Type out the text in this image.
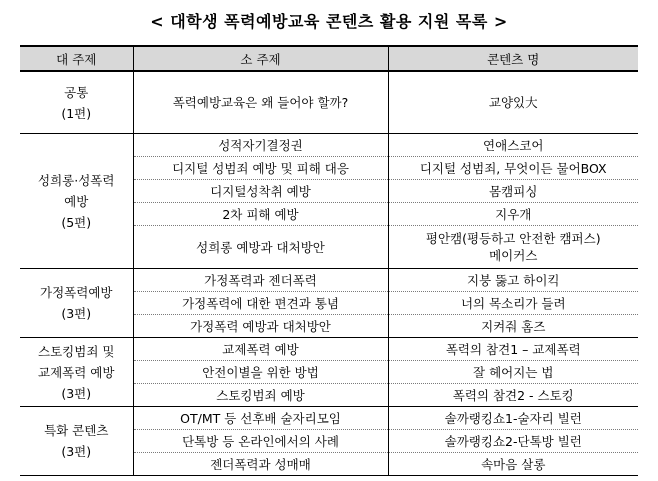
< 대학생 폭력예방교육 콘텐츠 활용 지원 목록 >
대 주제	소 주제	콘텐츠 명

공통
(1편)	폭력예방교육은 왜 들어야 할까?	교양있大

성희롱·성폭력
예방
(5편)	성적자기결정권	연애스코어
	디지털 성범죄 예방 및 피해 대응	디지털 성범죄, 무엇이든 물어BOX
	디지털성착취 예방	몸캠피싱
	2차 피해 예방	지우개
	성희롱 예방과 대처방안	평안캠(평등하고 안전한 캠퍼스)
메이커스

가정폭력예방
(3편)	가정폭력과 젠더폭력	지붕 뚫고 하이킥
	가정폭력에 대한 편견과 통념	너의 목소리가 들려
	가정폭력 예방과 대처방안	지켜줘 홈즈

스토킹범죄 및
교제폭력 예방
(3편)	교제폭력 예방	폭력의 참견1 – 교제폭력
	안전이별을 위한 방법	잘 헤어지는 법
	스토킹범죄 예방	폭력의 참견2 - 스토킹

특화 콘텐츠
(3편)	OT/MT 등 선후배 술자리모임	솔까랭킹쇼1-술자리 빌런
	단톡방 등 온라인에서의 사례	솔까랭킹쇼2-단톡방 빌런
	젠더폭력과 성매매	속마음 살롱
